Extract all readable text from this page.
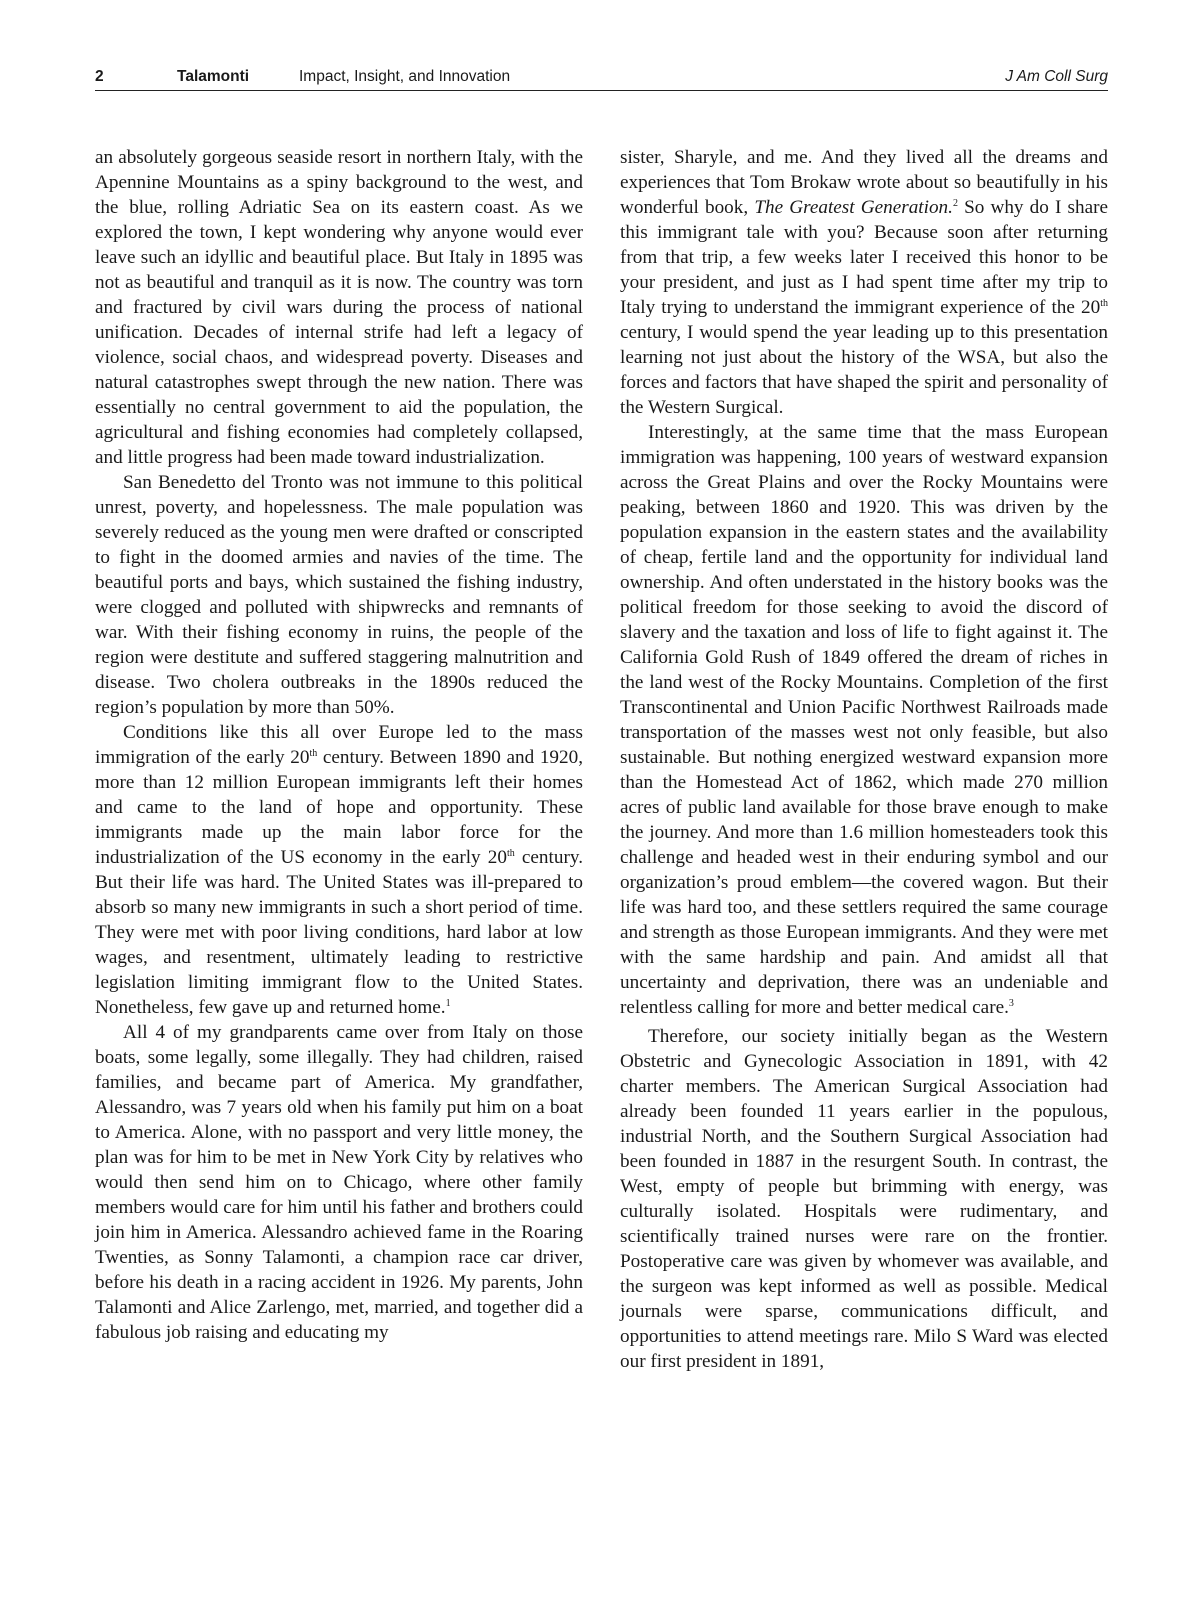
2	Talamonti	Impact, Insight, and Innovation	J Am Coll Surg

an absolutely gorgeous seaside resort in northern Italy, with the Apennine Mountains as a spiny background to the west, and the blue, rolling Adriatic Sea on its eastern coast. As we explored the town, I kept wondering why anyone would ever leave such an idyllic and beautiful place. But Italy in 1895 was not as beautiful and tranquil as it is now. The country was torn and fractured by civil wars during the process of national unification. Decades of internal strife had left a legacy of violence, social chaos, and widespread poverty. Diseases and natural catastrophes swept through the new nation. There was essentially no central government to aid the population, the agricultural and fishing economies had completely collapsed, and little progress had been made toward industrialization.

San Benedetto del Tronto was not immune to this political unrest, poverty, and hopelessness. The male population was severely reduced as the young men were drafted or conscripted to fight in the doomed armies and navies of the time. The beautiful ports and bays, which sustained the fishing industry, were clogged and polluted with shipwrecks and remnants of war. With their fishing economy in ruins, the people of the region were destitute and suffered staggering malnutrition and disease. Two cholera outbreaks in the 1890s reduced the region’s population by more than 50%.

Conditions like this all over Europe led to the mass immigration of the early 20th century. Between 1890 and 1920, more than 12 million European immigrants left their homes and came to the land of hope and opportunity. These immigrants made up the main labor force for the industrialization of the US economy in the early 20th century. But their life was hard. The United States was ill-prepared to absorb so many new immigrants in such a short period of time. They were met with poor living conditions, hard labor at low wages, and resentment, ultimately leading to restrictive legislation limiting immigrant flow to the United States. Nonetheless, few gave up and returned home.$^1$

All 4 of my grandparents came over from Italy on those boats, some legally, some illegally. They had children, raised families, and became part of America. My grandfather, Alessandro, was 7 years old when his family put him on a boat to America. Alone, with no passport and very little money, the plan was for him to be met in New York City by relatives who would then send him on to Chicago, where other family members would care for him until his father and brothers could join him in America. Alessandro achieved fame in the Roaring Twenties, as Sonny Talamonti, a champion race car driver, before his death in a racing accident in 1926. My parents, John Talamonti and Alice Zarlengo, met, married, and together did a fabulous job raising and educating my

sister, Sharyle, and me. And they lived all the dreams and experiences that Tom Brokaw wrote about so beautifully in his wonderful book, The Greatest Generation.$^2$ So why do I share this immigrant tale with you? Because soon after returning from that trip, a few weeks later I received this honor to be your president, and just as I had spent time after my trip to Italy trying to understand the immigrant experience of the 20th century, I would spend the year leading up to this presentation learning not just about the history of the WSA, but also the forces and factors that have shaped the spirit and personality of the Western Surgical.

Interestingly, at the same time that the mass European immigration was happening, 100 years of westward expansion across the Great Plains and over the Rocky Mountains were peaking, between 1860 and 1920. This was driven by the population expansion in the eastern states and the availability of cheap, fertile land and the opportunity for individual land ownership. And often understated in the history books was the political freedom for those seeking to avoid the discord of slavery and the taxation and loss of life to fight against it. The California Gold Rush of 1849 offered the dream of riches in the land west of the Rocky Mountains. Completion of the first Transcontinental and Union Pacific Northwest Railroads made transportation of the masses west not only feasible, but also sustainable. But nothing energized westward expansion more than the Homestead Act of 1862, which made 270 million acres of public land available for those brave enough to make the journey. And more than 1.6 million homesteaders took this challenge and headed west in their enduring symbol and our organization’s proud emblem—the covered wagon. But their life was hard too, and these settlers required the same courage and strength as those European immigrants. And they were met with the same hardship and pain. And amidst all that uncertainty and deprivation, there was an undeniable and relentless calling for more and better medical care.$^3$

Therefore, our society initially began as the Western Obstetric and Gynecologic Association in 1891, with 42 charter members. The American Surgical Association had already been founded 11 years earlier in the populous, industrial North, and the Southern Surgical Association had been founded in 1887 in the resurgent South. In contrast, the West, empty of people but brimming with energy, was culturally isolated. Hospitals were rudimentary, and scientifically trained nurses were rare on the frontier. Postoperative care was given by whomever was available, and the surgeon was kept informed as well as possible. Medical journals were sparse, communications difficult, and opportunities to attend meetings rare. Milo S Ward was elected our first president in 1891,
